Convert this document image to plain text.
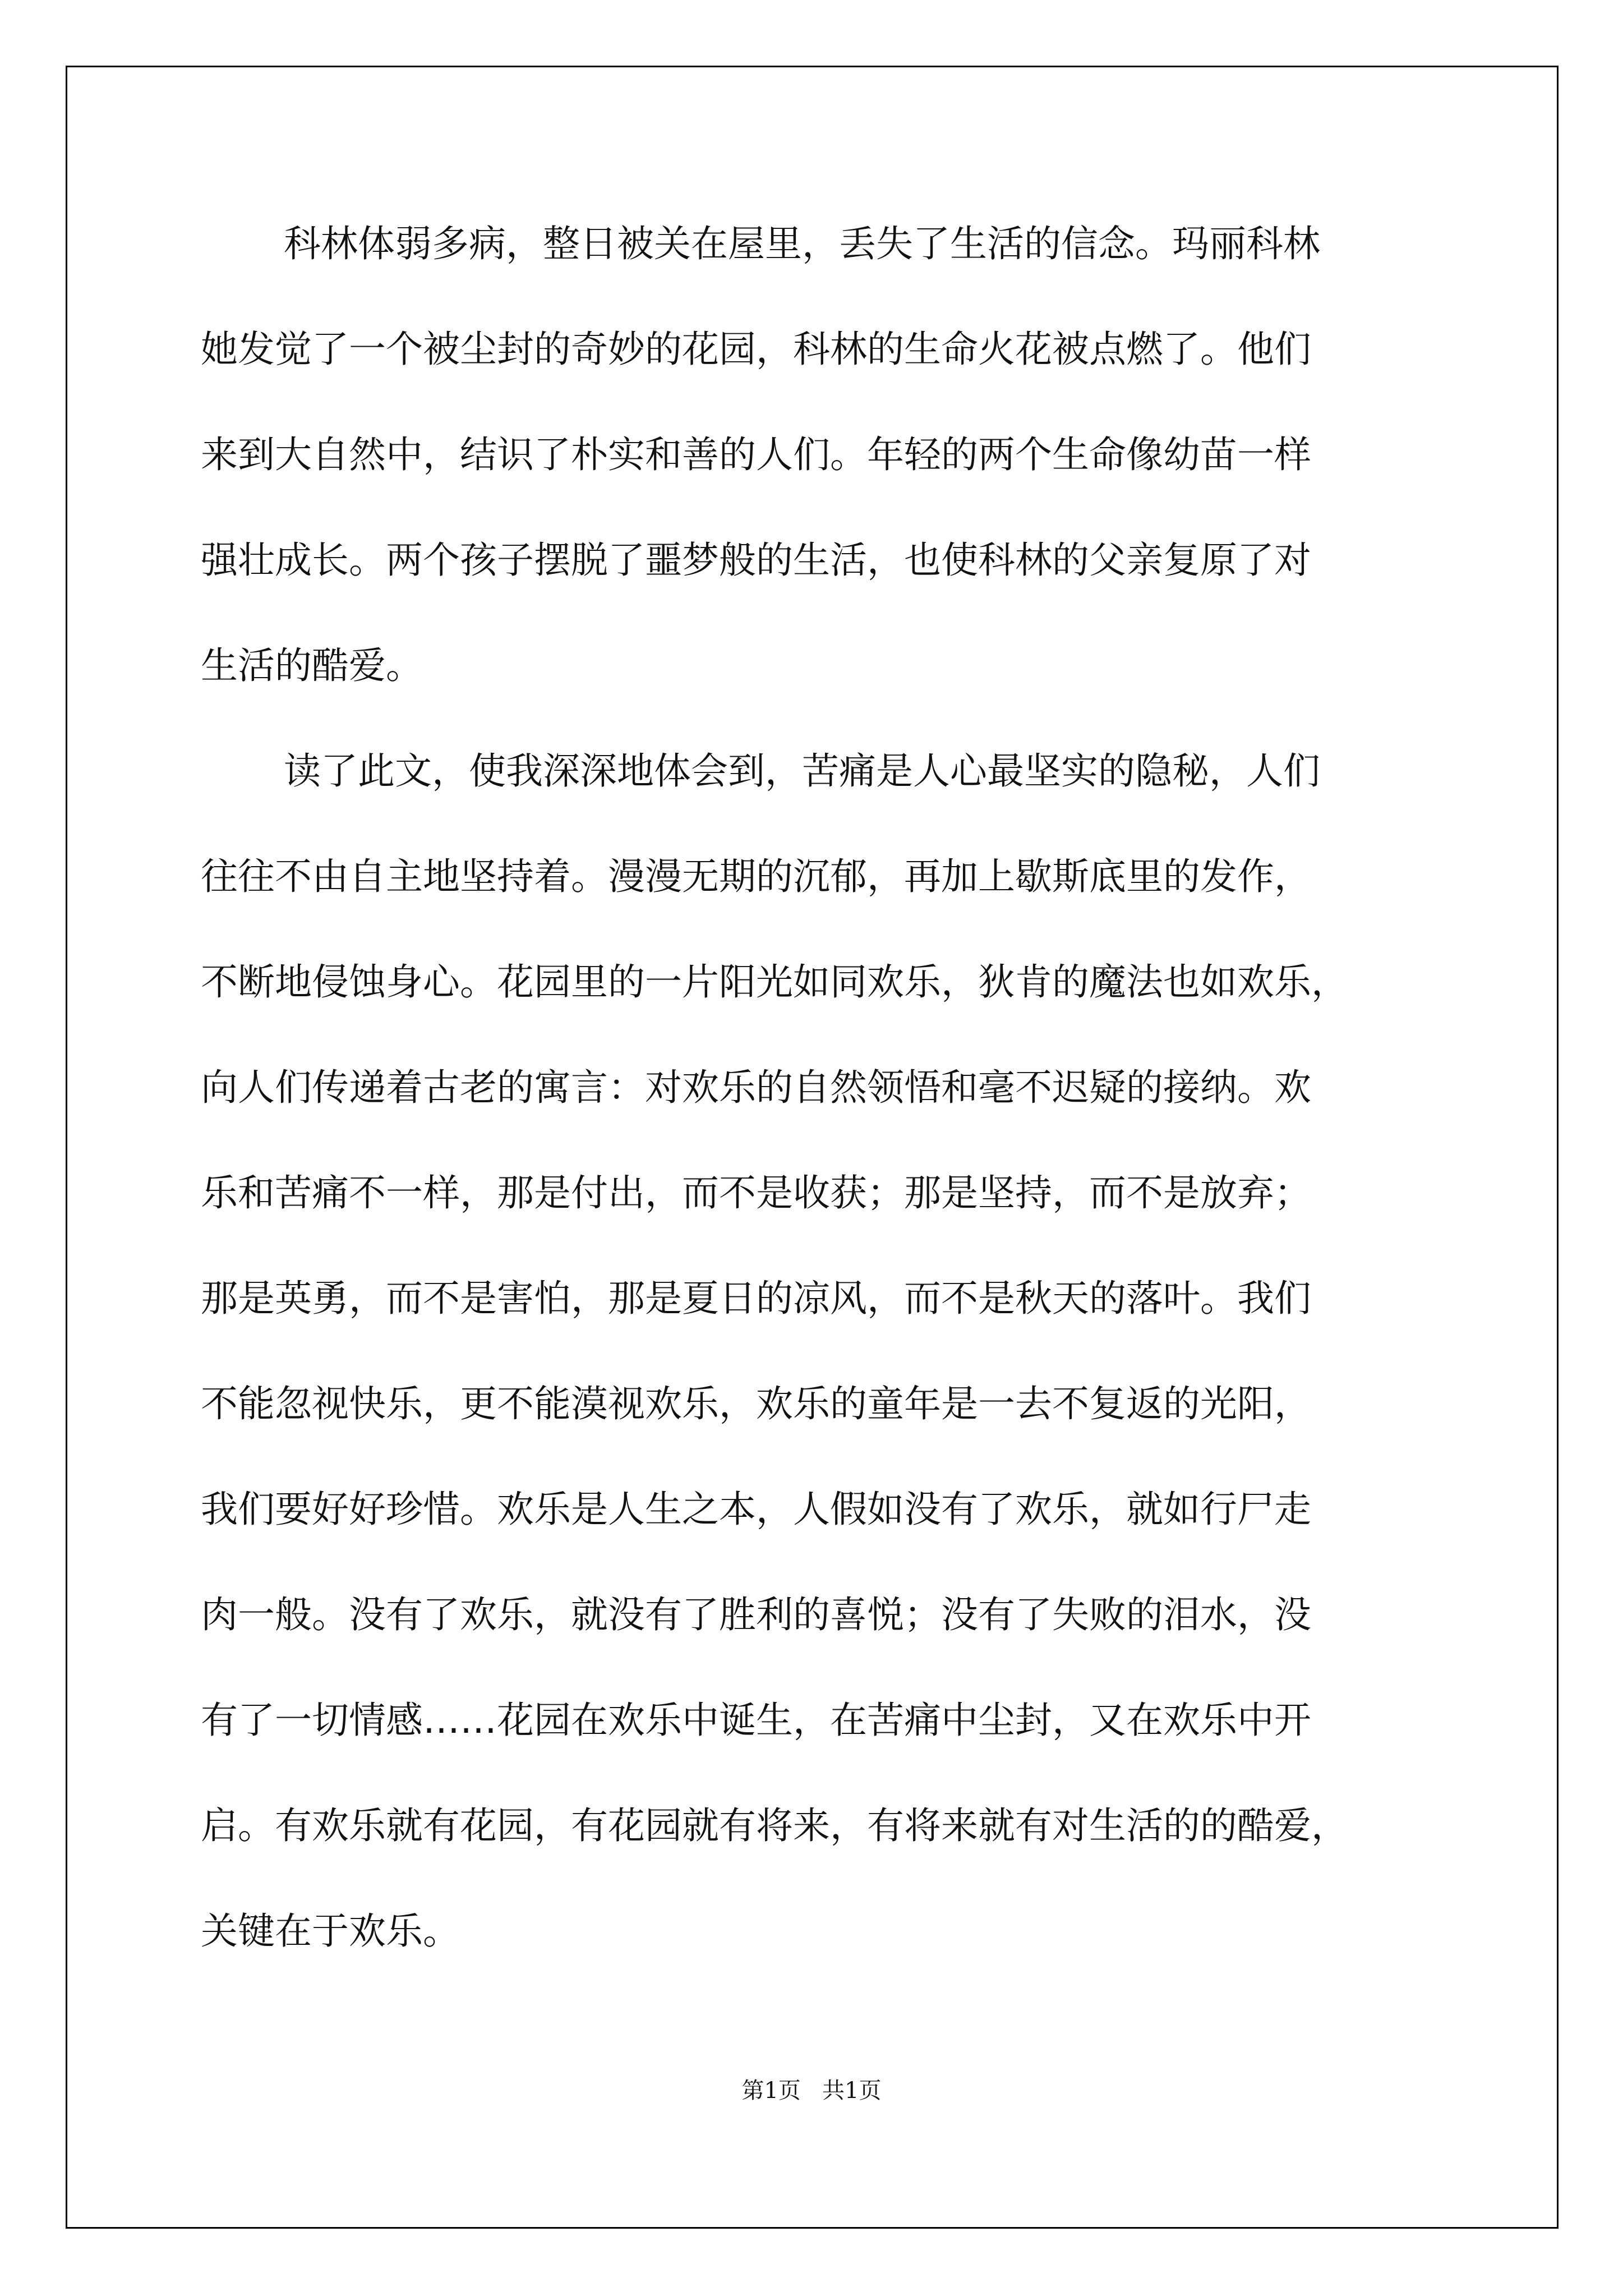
科林体弱多病，整日被关在屋里，丢失了生活的信念。玛丽科林
她发觉了一个被尘封的奇妙的花园，科林的生命火花被点燃了。他们
来到大自然中，结识了朴实和善的人们。年轻的两个生命像幼苗一样
强壮成长。两个孩子摆脱了噩梦般的生活，也使科林的父亲复原了对
生活的酷爱。
读了此文，使我深深地体会到，苦痛是人心最坚实的隐秘，人们
往往不由自主地坚持着。漫漫无期的沉郁，再加上歇斯底里的发作，
不断地侵蚀身心。花园里的一片阳光如同欢乐，狄肯的魔法也如欢乐，
向人们传递着古老的寓言：对欢乐的自然领悟和毫不迟疑的接纳。欢
乐和苦痛不一样，那是付出，而不是收获；那是坚持，而不是放弃；
那是英勇，而不是害怕，那是夏日的凉风，而不是秋天的落叶。我们
不能忽视快乐，更不能漠视欢乐，欢乐的童年是一去不复返的光阳，
我们要好好珍惜。欢乐是人生之本，人假如没有了欢乐，就如行尸走
肉一般。没有了欢乐，就没有了胜利的喜悦；没有了失败的泪水，没
有了一切情感……花园在欢乐中诞生，在苦痛中尘封，又在欢乐中开
启。有欢乐就有花园，有花园就有将来，有将来就有对生活的的酷爱，
关键在于欢乐。
第1页   共1页
